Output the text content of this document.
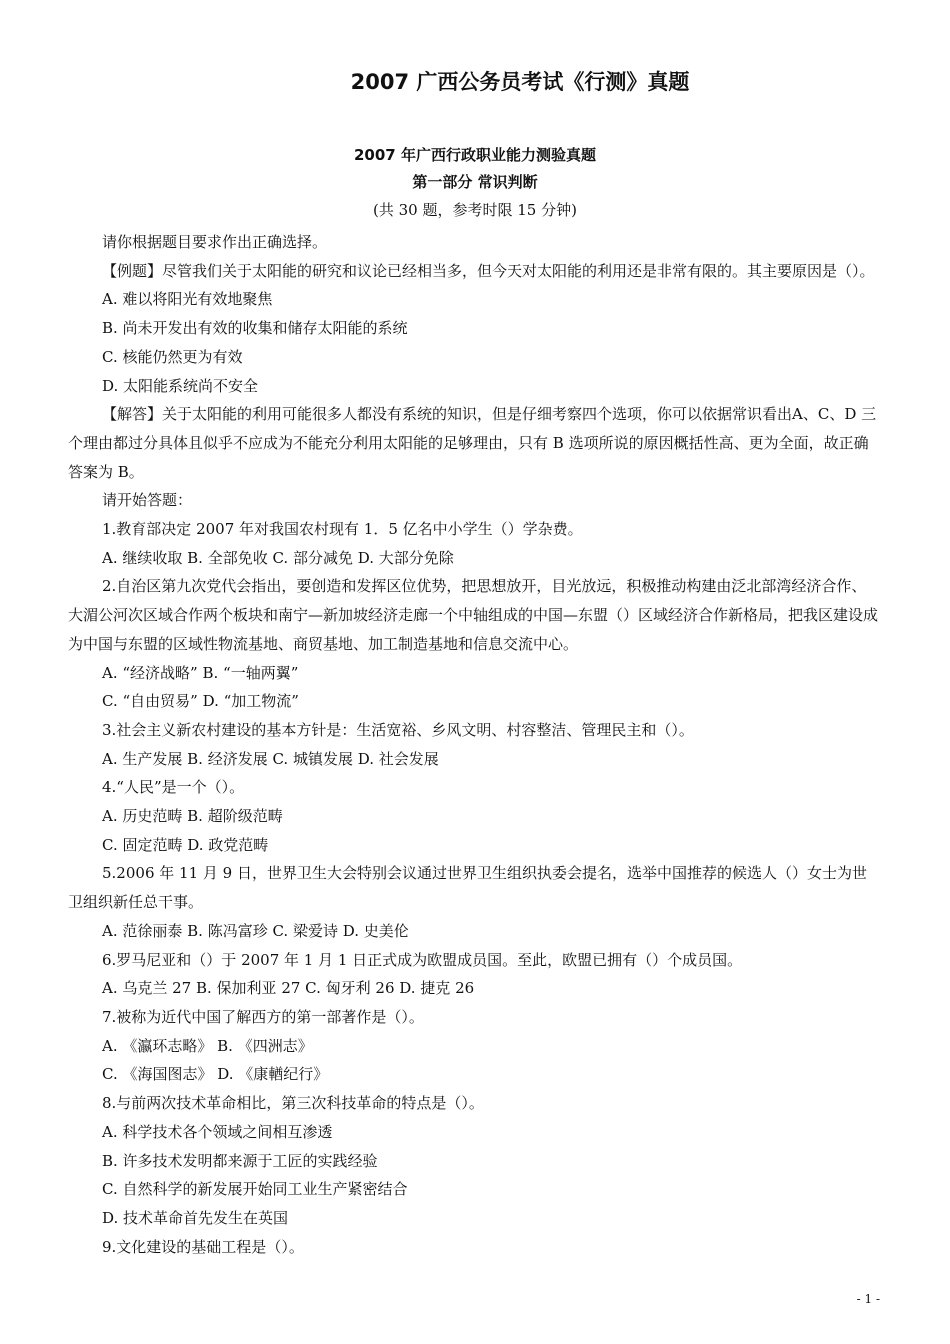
2007 广西公务员考试《行测》真题
2007 年广西行政职业能力测验真题
第一部分 常识判断
(共 30 题，参考时限 15 分钟)

请你根据题目要求作出正确选择。

【例题】尽管我们关于太阳能的研究和议论已经相当多，但今天对太阳能的利用还是非常有限的。其主要原因是（）。

A. 难以将阳光有效地聚焦

B. 尚未开发出有效的收集和储存太阳能的系统

C. 核能仍然更为有效

D. 太阳能系统尚不安全

【解答】关于太阳能的利用可能很多人都没有系统的知识，但是仔细考察四个选项，你可以依据常识看出A、C、D 三个理由都过分具体且似乎不应成为不能充分利用太阳能的足够理由，只有 B 选项所说的原因概括性高、更为全面，故正确答案为 B。

请开始答题：

1.教育部决定 2007 年对我国农村现有 1．5 亿名中小学生（）学杂费。

A. 继续收取 B. 全部免收 C. 部分减免 D. 大部分免除

2.自治区第九次党代会指出，要创造和发挥区位优势，把思想放开，目光放远，积极推动构建由泛北部湾经济合作、大湄公河次区域合作两个板块和南宁—新加坡经济走廊一个中轴组成的中国—东盟（）区域经济合作新格局，把我区建设成为中国与东盟的区域性物流基地、商贸基地、加工制造基地和信息交流中心。

A. “经济战略” B. “一轴两翼”

C. “自由贸易” D. “加工物流”

3.社会主义新农村建设的基本方针是：生活宽裕、乡风文明、村容整洁、管理民主和（）。

A. 生产发展 B. 经济发展 C. 城镇发展 D. 社会发展

4.“人民”是一个（）。

A. 历史范畴 B. 超阶级范畴

C. 固定范畴 D. 政党范畴

5.2006 年 11 月 9 日，世界卫生大会特别会议通过世界卫生组织执委会提名，选举中国推荐的候选人（）女士为世卫组织新任总干事。

A. 范徐丽泰 B. 陈冯富珍 C. 梁爱诗 D. 史美伦

6.罗马尼亚和（）于 2007 年 1 月 1 日正式成为欧盟成员国。至此，欧盟已拥有（）个成员国。

A. 乌克兰 27 B. 保加利亚 27 C. 匈牙利 26 D. 捷克 26

7.被称为近代中国了解西方的第一部著作是（）。

A. 《瀛环志略》 B. 《四洲志》

C. 《海国图志》 D. 《康輶纪行》

8.与前两次技术革命相比，第三次科技革命的特点是（）。

A. 科学技术各个领域之间相互渗透

B. 许多技术发明都来源于工匠的实践经验

C. 自然科学的新发展开始同工业生产紧密结合

D. 技术革命首先发生在英国

9.文化建设的基础工程是（）。

- 1 -
